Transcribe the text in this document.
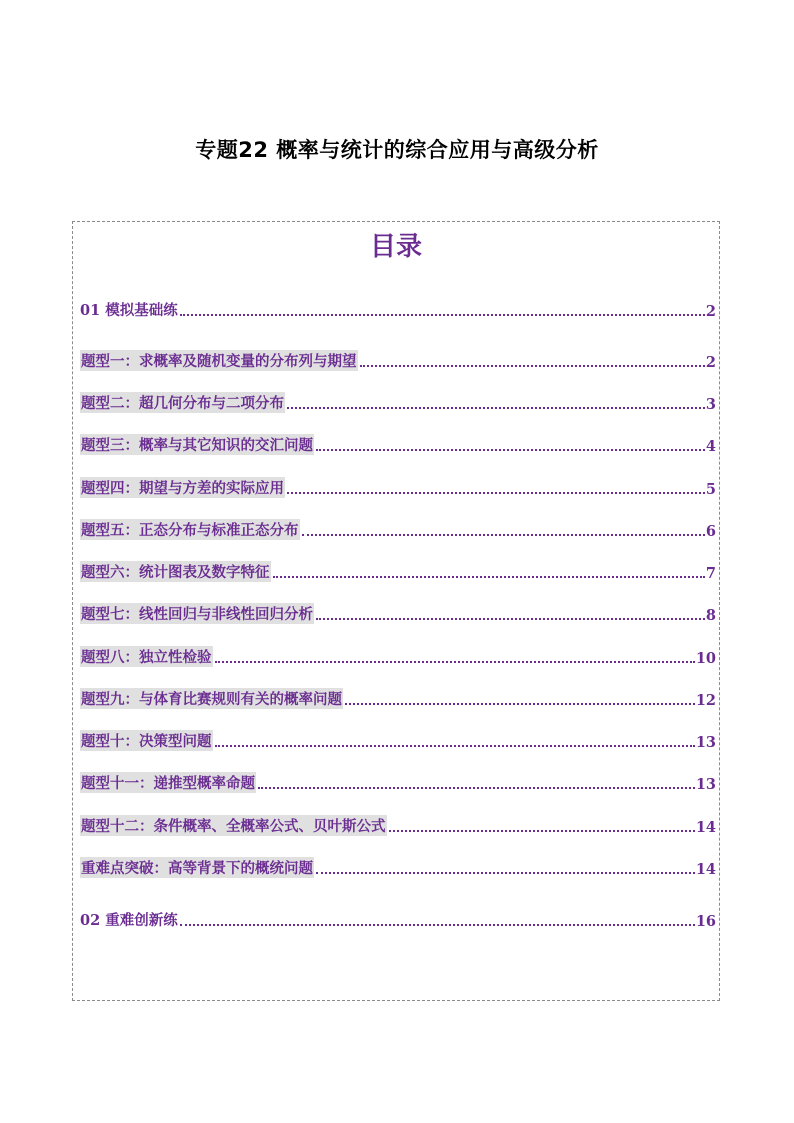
专题22 概率与统计的综合应用与高级分析
目录
01 模拟基础练	2
题型一：求概率及随机变量的分布列与期望	2
题型二：超几何分布与二项分布	3
题型三：概率与其它知识的交汇问题	4
题型四：期望与方差的实际应用	5
题型五：正态分布与标准正态分布	6
题型六：统计图表及数字特征	7
题型七：线性回归与非线性回归分析	8
题型八：独立性检验	10
题型九：与体育比赛规则有关的概率问题	12
题型十：决策型问题	13
题型十一：递推型概率命题	13
题型十二：条件概率、全概率公式、贝叶斯公式	14
重难点突破：高等背景下的概统问题	14
02 重难创新练	16
